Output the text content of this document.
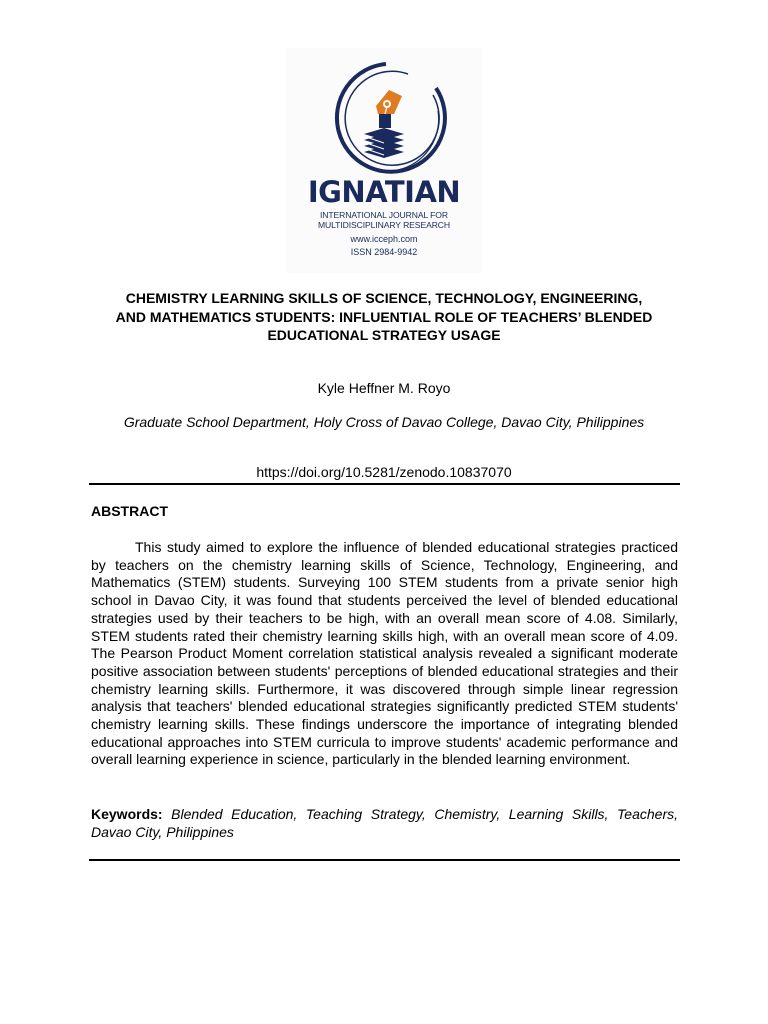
IGNATIAN
INTERNATIONAL JOURNAL FOR
MULTIDISCIPLINARY RESEARCH
www.icceph.com
ISSN 2984-9942
CHEMISTRY LEARNING SKILLS OF SCIENCE, TECHNOLOGY, ENGINEERING,
AND MATHEMATICS STUDENTS: INFLUENTIAL ROLE OF TEACHERS’ BLENDED
EDUCATIONAL STRATEGY USAGE
Kyle Heffner M. Royo
Graduate School Department, Holy Cross of Davao College, Davao City, Philippines
https://doi.org/10.5281/zenodo.10837070
ABSTRACT

This study aimed to explore the influence of blended educational strategies practiced by teachers on the chemistry learning skills of Science, Technology, Engineering, and Mathematics (STEM) students. Surveying 100 STEM students from a private senior high school in Davao City, it was found that students perceived the level of blended educational strategies used by their teachers to be high, with an overall mean score of 4.08. Similarly, STEM students rated their chemistry learning skills high, with an overall mean score of 4.09. The Pearson Product Moment correlation statistical analysis revealed a significant moderate positive association between students' perceptions of blended educational strategies and their chemistry learning skills. Furthermore, it was discovered through simple linear regression analysis that teachers' blended educational strategies significantly predicted STEM students' chemistry learning skills. These findings underscore the importance of integrating blended educational approaches into STEM curricula to improve students' academic performance and overall learning experience in science, particularly in the blended learning environment.

Keywords: Blended Education, Teaching Strategy, Chemistry, Learning Skills, Teachers, Davao City, Philippines
